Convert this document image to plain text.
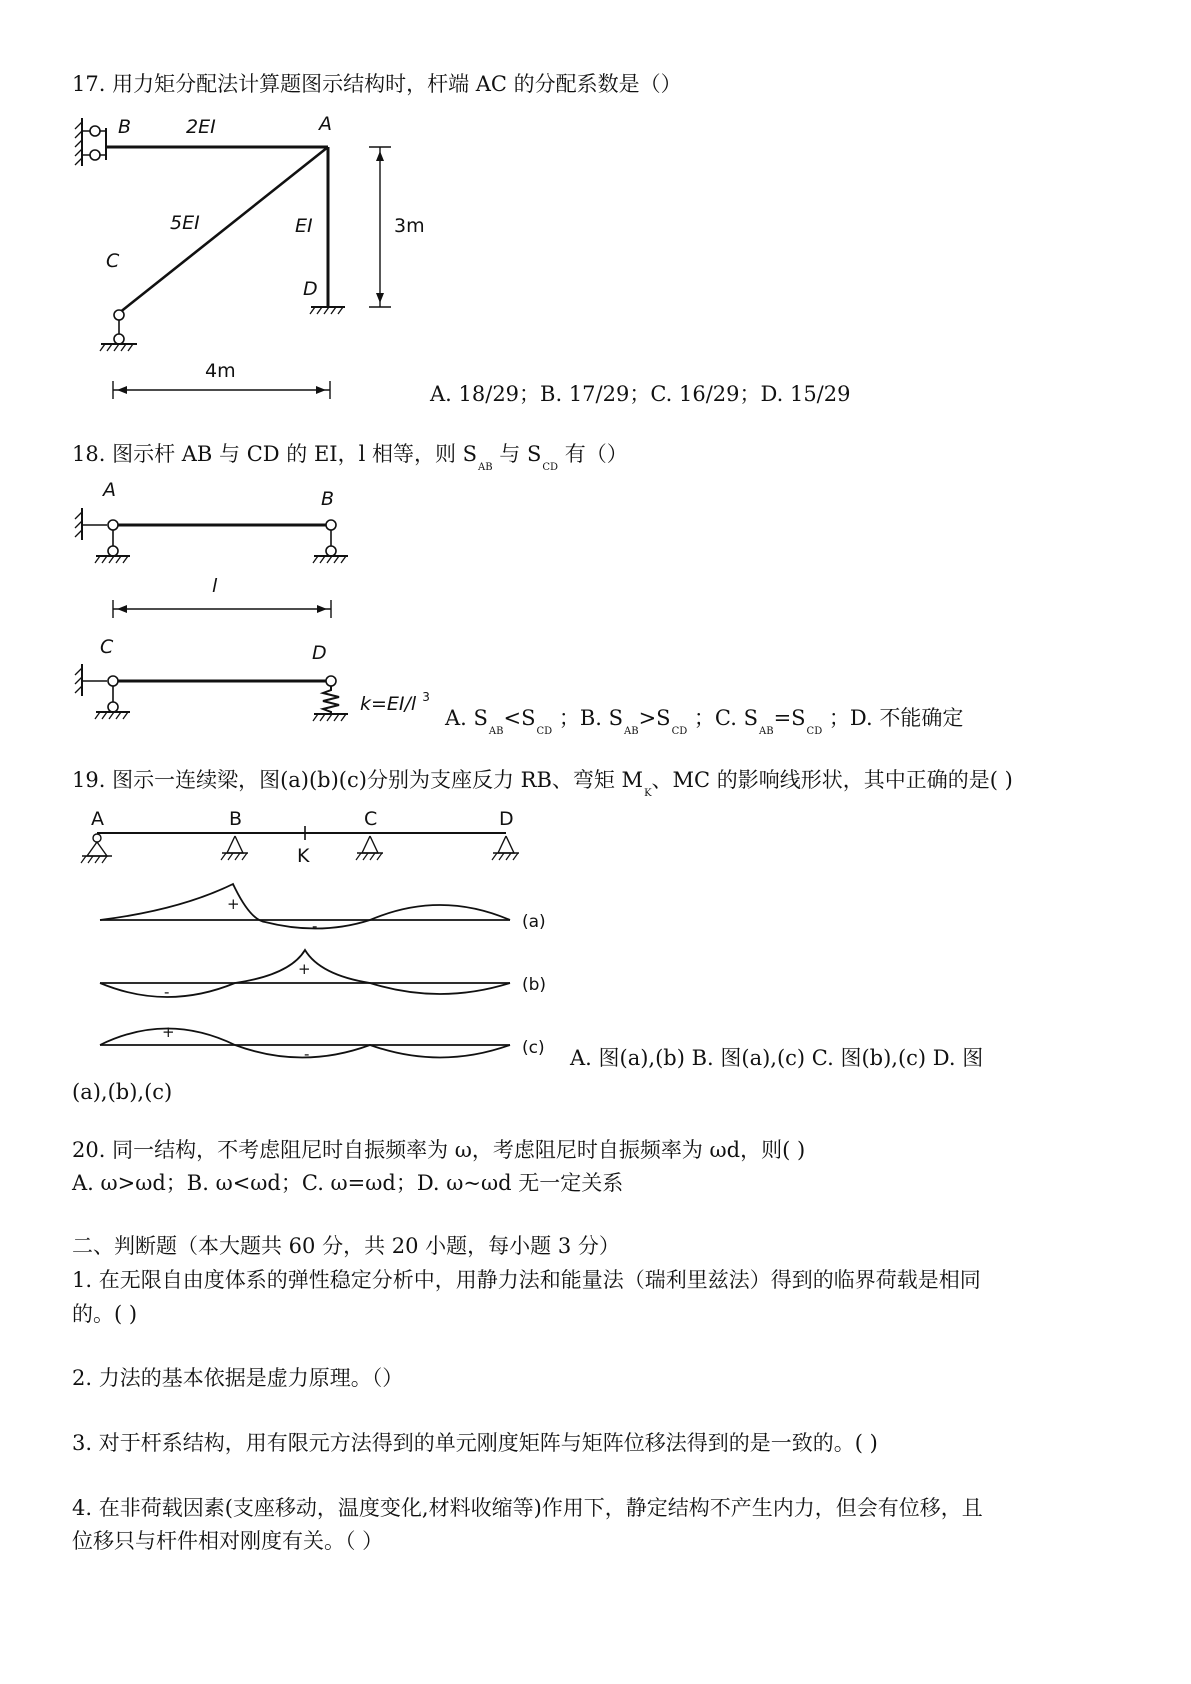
17. 用力矩分配法计算题图示结构时，杆端 AC 的分配系数是（）
B	2EI	A
5EI	EI
C
D
3m
4m
A. 18/29；B. 17/29；C. 16/29；D. 15/29
18. 图示杆 AB 与 CD 的 EI，l 相等，则 $S_{AB}$ 与 $S_{CD}$ 有（）
A	B
l
C	D
k=EI/l $^3$
A. $S_{AB}<S_{CD}$ ；B. $S_{AB}>S_{CD}$ ；C. $S_{AB}=S_{CD}$ ；D. 不能确定
19. 图示一连续梁，图(a)(b)(c)分别为支座反力 RB、弯矩 $M_K$、MC 的影响线形状，其中正确的是( )
A	B
K
C	D
+
-	(a)
-
+
(b)
+
-	(c) A. 图(a),(b) B. 图(a),(c) C. 图(b),(c) D. 图
(a),(b),(c)
20. 同一结构，不考虑阻尼时自振频率为 ω，考虑阻尼时自振频率为 ωd，则( )
A. ω>ωd；B. ω<ωd；C. ω=ωd；D. ω~ωd 无一定关系
二、判断题（本大题共 60 分，共 20 小题，每小题 3 分）
1. 在无限自由度体系的弹性稳定分析中，用静力法和能量法（瑞利里兹法）得到的临界荷载是相同
的。( )
2. 力法的基本依据是虚力原理。（）
3. 对于杆系结构，用有限元方法得到的单元刚度矩阵与矩阵位移法得到的是一致的。( )
4. 在非荷载因素(支座移动，温度变化,材料收缩等)作用下，静定结构不产生内力，但会有位移，且
位移只与杆件相对刚度有关。（ ）
